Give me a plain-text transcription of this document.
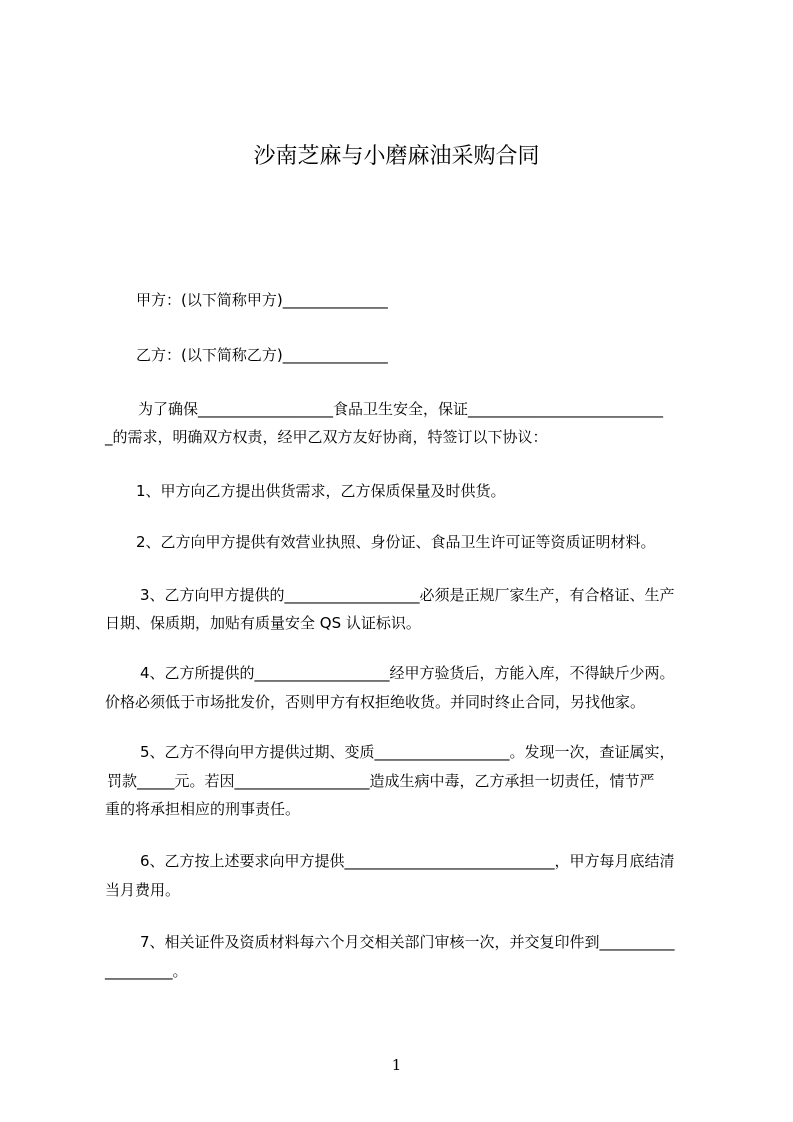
沙南芝麻与小磨麻油采购合同
甲方：(以下简称甲方)______________
乙方：(以下简称乙方)______________
为了确保__________________食品卫生安全，保证__________________________
_的需求，明确双方权责，经甲乙双方友好协商，特签订以下协议：
1、甲方向乙方提出供货需求，乙方保质保量及时供货。
2、乙方向甲方提供有效营业执照、身份证、食品卫生许可证等资质证明材料。
3、乙方向甲方提供的__________________必须是正规厂家生产，有合格证、生产
日期、保质期，加贴有质量安全 QS 认证标识。
4、乙方所提供的__________________经甲方验货后，方能入库，不得缺斤少两。
价格必须低于市场批发价，否则甲方有权拒绝收货。并同时终止合同，另找他家。
5、乙方不得向甲方提供过期、变质__________________。发现一次，查证属实，
罚款_____元。若因__________________造成生病中毒，乙方承担一切责任，情节严
重的将承担相应的刑事责任。
6、乙方按上述要求向甲方提供____________________________，甲方每月底结清
当月费用。
7、相关证件及资质材料每六个月交相关部门审核一次，并交复印件到__________
_________。
1
